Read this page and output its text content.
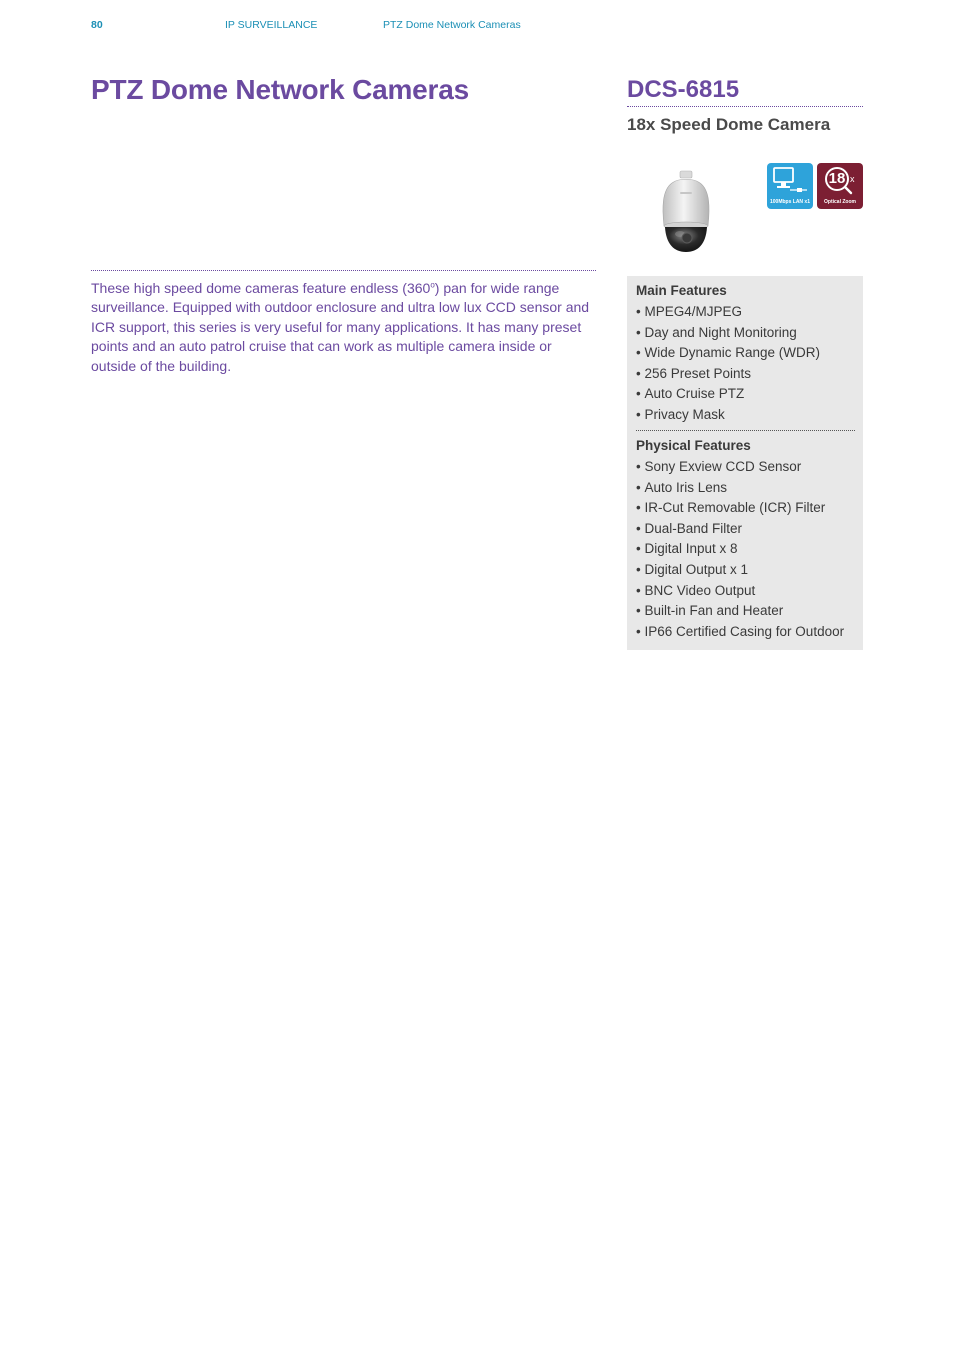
80	IP SURVEILLANCE	PTZ Dome Network Cameras
PTZ Dome Network Cameras

These high speed dome cameras feature endless (360$^o$) pan for wide range surveillance. Equipped with outdoor enclosure and ultra low lux CCD sensor and ICR support, this series is very useful for many applications. It has many preset points and an auto patrol cruise that can work as multiple camera inside or outside of the building.

DCS-6815
18x Speed Dome Camera
100Mbps LAN x1
18 x
Optical Zoom
Main Features
• MPEG4/MJPEG
• Day and Night Monitoring
• Wide Dynamic Range (WDR)
• 256 Preset Points
• Auto Cruise PTZ
• Privacy Mask
Physical Features
• Sony Exview CCD Sensor
• Auto Iris Lens
• IR-Cut Removable (ICR) Filter
• Dual-Band Filter
• Digital Input x 8
• Digital Output x 1
• BNC Video Output
• Built-in Fan and Heater
• IP66 Certified Casing for Outdoor
